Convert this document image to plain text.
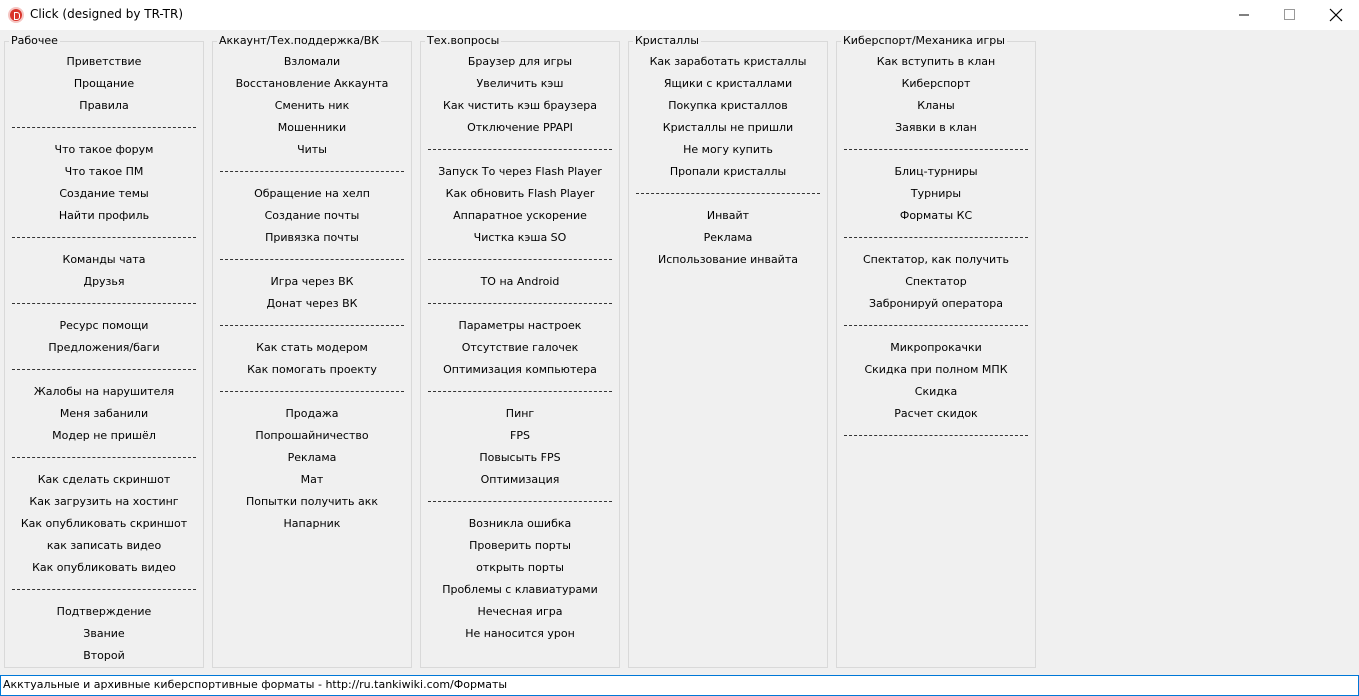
Click (designed by TR-TR)
Рабочее
Приветствие
Прощание
Правила
Что такое форум
Что такое ПМ
Создание темы
Найти профиль
Команды чата
Друзья
Ресурс помощи
Предложения/баги
Жалобы на нарушителя
Меня забанили
Модер не пришёл
Как сделать скриншот
Как загрузить на хостинг
Как опубликовать скриншот
как записать видео
Как опубликовать видео
Подтверждение
Звание
Второй
Аккаунт/Тех.поддержка/ВК
Взломали
Восстановление Аккаунта
Сменить ник
Мошенники
Читы
Обращение на хелп
Создание почты
Привязка почты
Игра через ВК
Донат через ВК
Как стать модером
Как помогать проекту
Продажа
Попрошайничество
Реклама
Мат
Попытки получить акк
Напарник
Тех.вопросы
Браузер для игры
Увеличить кэш
Как чистить кэш браузера
Отключение PPAPI
Запуск То через Flash Player
Как обновить Flash Player
Аппаратное ускорение
Чистка кэша SO
ТО на Android
Параметры настроек
Отсутствие галочек
Оптимизация компьютера
Пинг
FPS
Повысыть FPS
Оптимизация
Возникла ошибка
Проверить порты
открыть порты
Проблемы с клавиатурами
Нечесная игра
Не наносится урон
Кристаллы
Как заработать кристаллы
Ящики с кристаллами
Покупка кристаллов
Кристаллы не пришли
Не могу купить
Пропали кристаллы
Инвайт
Реклама
Использование инвайта
Киберспорт/Механика игры
Как вступить в клан
Киберспорт
Кланы
Заявки в клан
Блиц-турниры
Турниры
Форматы КС
Спектатор, как получить
Спектатор
Забронируй оператора
Микропрокачки
Скидка при полном МПК
Скидка
Расчет скидок
Акктуальные и архивные киберспортивные форматы - http://ru.tankiwiki.com/Форматы
